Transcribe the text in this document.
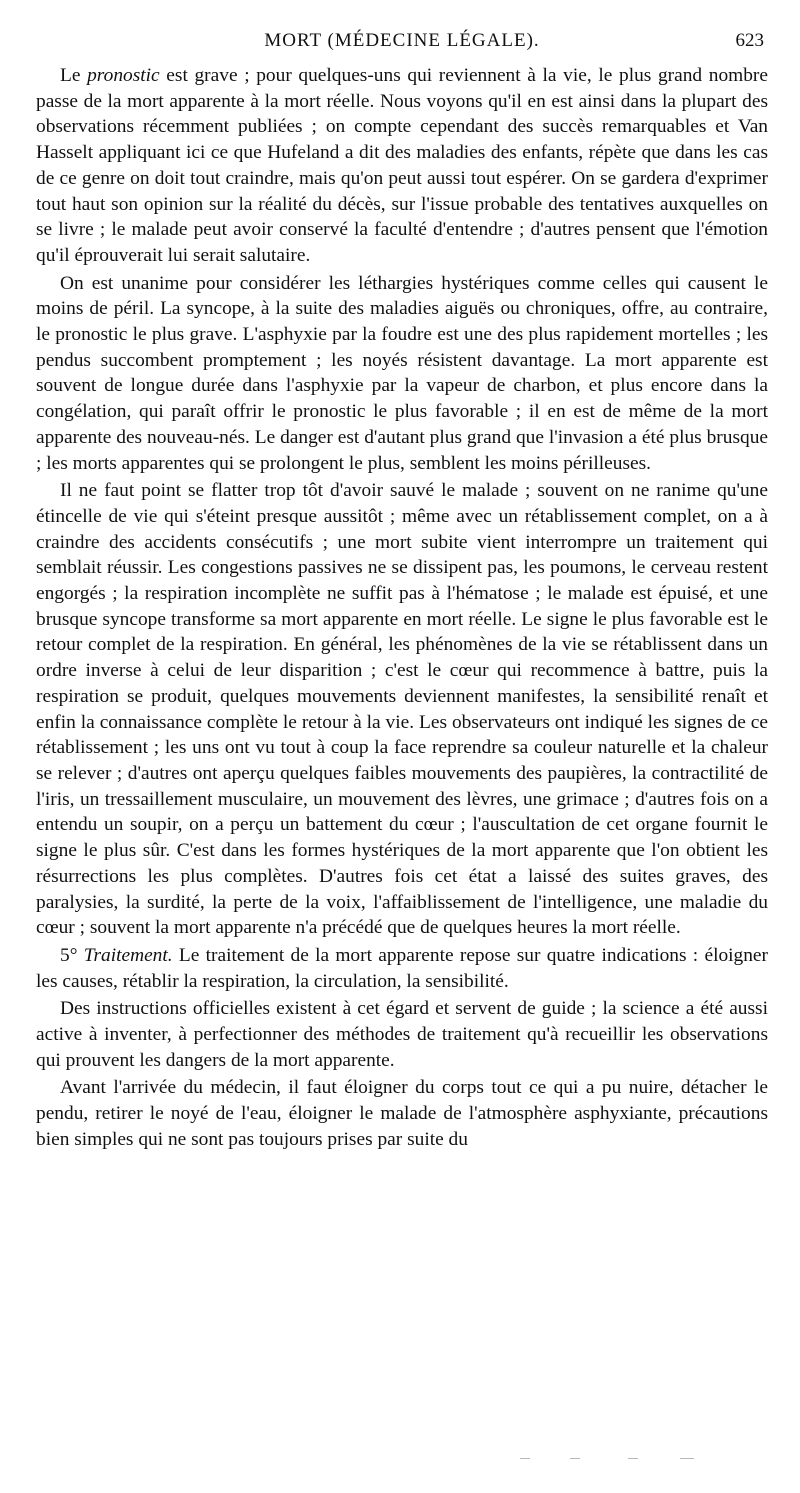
MORT (MÉDECINE LÉGALE).	623

Le pronostic est grave ; pour quelques-uns qui reviennent à la vie, le plus grand nombre passe de la mort apparente à la mort réelle. Nous voyons qu'il en est ainsi dans la plupart des observations récemment publiées ; on compte cependant des succès remarquables et Van Hasselt appliquant ici ce que Hufeland a dit des maladies des enfants, répète que dans les cas de ce genre on doit tout craindre, mais qu'on peut aussi tout espérer. On se gardera d'exprimer tout haut son opinion sur la réalité du décès, sur l'issue probable des tentatives auxquelles on se livre ; le malade peut avoir conservé la faculté d'entendre ; d'autres pensent que l'émotion qu'il éprouverait lui serait salutaire.

On est unanime pour considérer les léthargies hystériques comme celles qui causent le moins de péril. La syncope, à la suite des maladies aiguës ou chroniques, offre, au contraire, le pronostic le plus grave. L'asphyxie par la foudre est une des plus rapidement mortelles ; les pendus succombent promptement ; les noyés résistent davantage. La mort apparente est souvent de longue durée dans l'asphyxie par la vapeur de charbon, et plus encore dans la congélation, qui paraît offrir le pronostic le plus favorable ; il en est de même de la mort apparente des nouveau-nés. Le danger est d'autant plus grand que l'invasion a été plus brusque ; les morts apparentes qui se prolongent le plus, semblent les moins périlleuses.

Il ne faut point se flatter trop tôt d'avoir sauvé le malade ; souvent on ne ranime qu'une étincelle de vie qui s'éteint presque aussitôt ; même avec un rétablissement complet, on a à craindre des accidents consécutifs ; une mort subite vient interrompre un traitement qui semblait réussir. Les congestions passives ne se dissipent pas, les poumons, le cerveau restent engorgés ; la respiration incomplète ne suffit pas à l'hématose ; le malade est épuisé, et une brusque syncope transforme sa mort apparente en mort réelle. Le signe le plus favorable est le retour complet de la respiration. En général, les phénomènes de la vie se rétablissent dans un ordre inverse à celui de leur disparition ; c'est le cœur qui recommence à battre, puis la respiration se produit, quelques mouvements deviennent manifestes, la sensibilité renaît et enfin la connaissance complète le retour à la vie. Les observateurs ont indiqué les signes de ce rétablissement ; les uns ont vu tout à coup la face reprendre sa couleur naturelle et la chaleur se relever ; d'autres ont aperçu quelques faibles mouvements des paupières, la contractilité de l'iris, un tressaillement musculaire, un mouvement des lèvres, une grimace ; d'autres fois on a entendu un soupir, on a perçu un battement du cœur ; l'auscultation de cet organe fournit le signe le plus sûr. C'est dans les formes hystériques de la mort apparente que l'on obtient les résurrections les plus complètes. D'autres fois cet état a laissé des suites graves, des paralysies, la surdité, la perte de la voix, l'affaiblissement de l'intelligence, une maladie du cœur ; souvent la mort apparente n'a précédé que de quelques heures la mort réelle.

5° Traitement. Le traitement de la mort apparente repose sur quatre indications : éloigner les causes, rétablir la respiration, la circulation, la sensibilité.

Des instructions officielles existent à cet égard et servent de guide ; la science a été aussi active à inventer, à perfectionner des méthodes de traitement qu'à recueillir les observations qui prouvent les dangers de la mort apparente.

Avant l'arrivée du médecin, il faut éloigner du corps tout ce qui a pu nuire, détacher le pendu, retirer le noyé de l'eau, éloigner le malade de l'atmosphère asphyxiante, précautions bien simples qui ne sont pas toujours prises par suite du
